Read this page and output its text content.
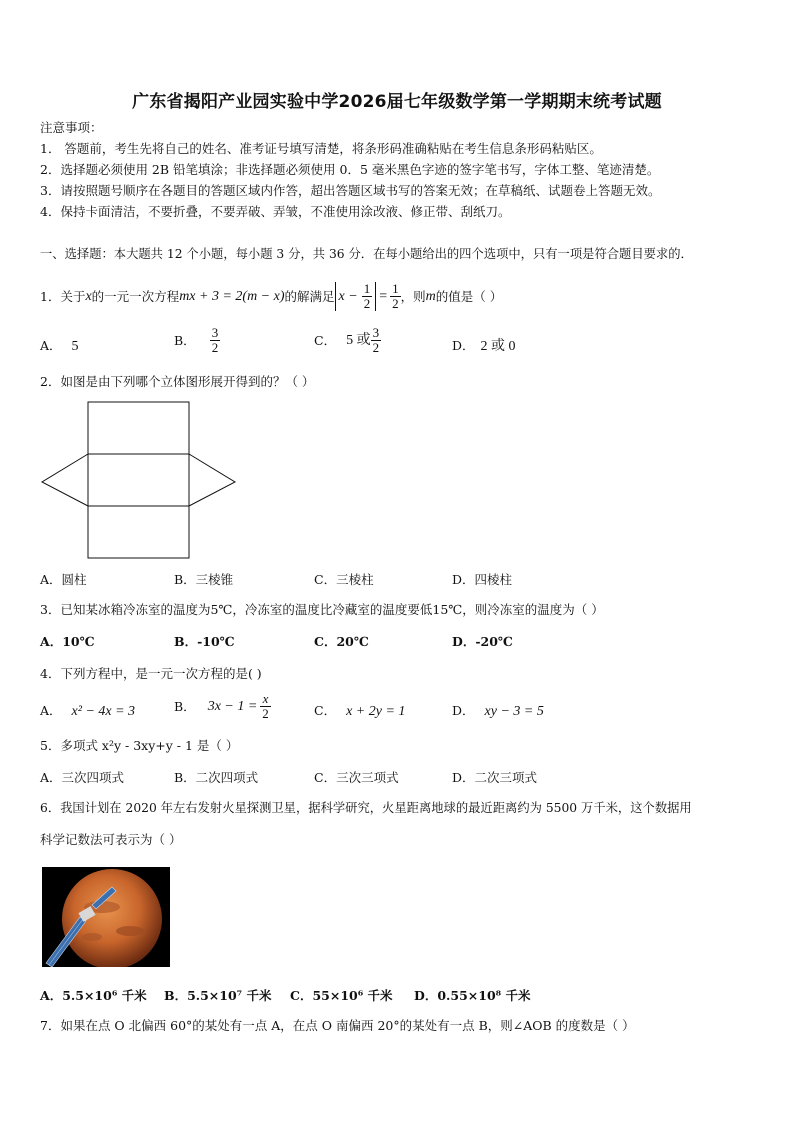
广东省揭阳产业园实验中学2026届七年级数学第一学期期末统考试题
注意事项：
1． 答题前，考生先将自己的姓名、准考证号填写清楚，将条形码准确粘贴在考生信息条形码粘贴区。
2．选择题必须使用 2B 铅笔填涂；非选择题必须使用 0．5 毫米黑色字迹的签字笔书写，字体工整、笔迹清楚。
3．请按照题号顺序在各题目的答题区域内作答，超出答题区域书写的答案无效；在草稿纸、试题卷上答题无效。
4．保持卡面清洁，不要折叠，不要弄破、弄皱，不准使用涂改液、修正带、刮纸刀。
一、选择题：本大题共 12 个小题，每小题 3 分，共 36 分．在每小题给出的四个选项中，只有一项是符合题目要求的．
1．关于 x 的一元一次方程 mx + 3 = 2(m − x) 的解满足 $x - \frac{1}{2} = \frac{1}{2}$ ，则 m 的值是（ ）
A． 5	B． $\frac{3}{2}$	C． 5 或 $\frac{3}{2}$	D． 2 或 0
2．如图是由下列哪个立体图形展开得到的？（ ）
A．圆柱	B．三棱锥	C．三棱柱	D．四棱柱
3．已知某冰箱冷冻室的温度为5℃，冷冻室的温度比冷藏室的温度要低15℃，则冷冻室的温度为（ ）
A．10℃	B．-10℃	C．20℃	D．-20℃
4．下列方程中，是一元一次方程的是( )
A． x² − 4x = 3	B． $3x - 1 = \frac{x}{2}$	C． x + 2y = 1	D． xy − 3 = 5
5．多项式 x²y - 3xy+y - 1 是（ ）
A．三次四项式	B．二次四项式	C．三次三项式	D．二次三项式
6．我国计划在 2020 年左右发射火星探测卫星，据科学研究，火星距离地球的最近距离约为 5500 万千米，这个数据用
科学记数法可表示为（ ）
A．5.5×10⁶ 千米 B．5.5×10⁷ 千米 C．55×10⁶ 千米 D．0.55×10⁸ 千米
7．如果在点 O 北偏西 60°的某处有一点 A，在点 O 南偏西 20°的某处有一点 B，则∠AOB 的度数是（ ）
